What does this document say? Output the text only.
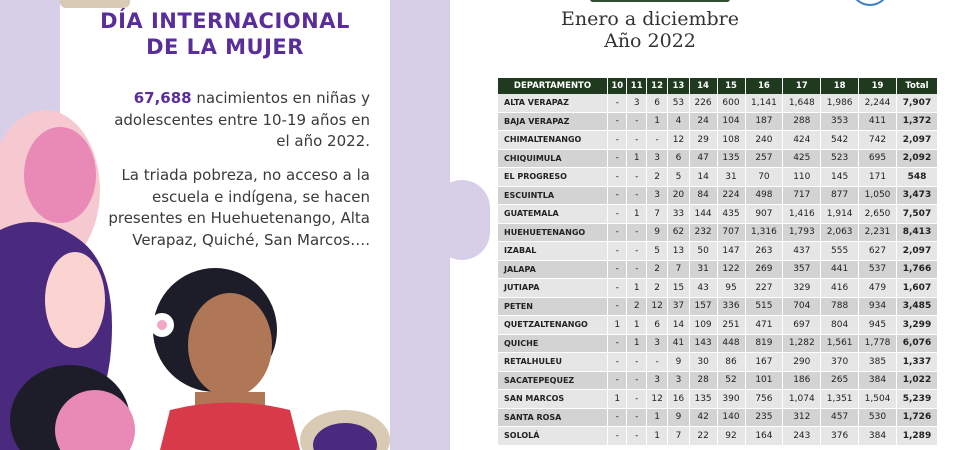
DÍA INTERNACIONAL
DE LA MUJER

67,688 nacimientos en niñas y adolescentes entre 10-19 años en el año 2022.

La triada pobreza, no acceso a la escuela e indígena, se hacen presentes en Huehuetenango, Alta Verapaz, Quiché, San Marcos….

Enero a diciembre
Año 2022
DEPARTAMENTO	10	11	12	13	14	15	16	17	18	19	Total
ALTA VERAPAZ	-	3	6	53	226	600	1,141	1,648	1,986	2,244	7,907
BAJA VERAPAZ	-	-	1	4	24	104	187	288	353	411	1,372
CHIMALTENANGO	-	-	-	12	29	108	240	424	542	742	2,097
CHIQUIMULA	-	1	3	6	47	135	257	425	523	695	2,092
EL PROGRESO	-	-	2	5	14	31	70	110	145	171	548
ESCUINTLA	-	-	3	20	84	224	498	717	877	1,050	3,473
GUATEMALA	-	1	7	33	144	435	907	1,416	1,914	2,650	7,507
HUEHUETENANGO	-	-	9	62	232	707	1,316	1,793	2,063	2,231	8,413
IZABAL	-	-	5	13	50	147	263	437	555	627	2,097
JALAPA	-	-	2	7	31	122	269	357	441	537	1,766
JUTIAPA	-	1	2	15	43	95	227	329	416	479	1,607
PETEN	-	2	12	37	157	336	515	704	788	934	3,485
QUETZALTENANGO	1	1	6	14	109	251	471	697	804	945	3,299
QUICHE	-	1	3	41	143	448	819	1,282	1,561	1,778	6,076
RETALHULEU	-	-	-	9	30	86	167	290	370	385	1,337
SACATEPEQUEZ	-	-	3	3	28	52	101	186	265	384	1,022
SAN MARCOS	1	-	12	16	135	390	756	1,074	1,351	1,504	5,239
SANTA ROSA	-	-	1	9	42	140	235	312	457	530	1,726
SOLOLÁ	-	-	1	7	22	92	164	243	376	384	1,289
